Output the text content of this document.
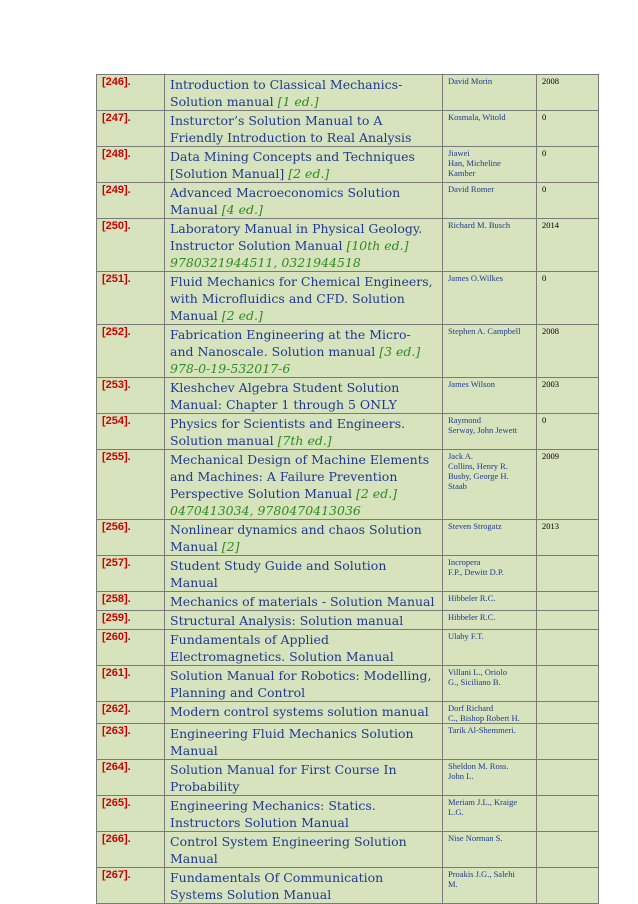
[246].	Introduction to Classical Mechanics-Solution manual [1 ed.]	David Morin	2008
[247].	Insturctor’s Solution Manual to A Friendly Introduction to Real Analysis	Kosmala, Witold	0
[248].	Data Mining Concepts and Techniques [Solution Manual] [2 ed.]	Jiawei
Han, Micheline
Kamber	0
[249].	Advanced Macroeconomics Solution Manual [4 ed.]	David Romer	0
[250].	Laboratory Manual in Physical Geology. Instructor Solution Manual [10th ed.]
9780321944511, 0321944518	Richard M. Busch	2014
[251].	Fluid Mechanics for Chemical Engineers, with Microfluidics and CFD. Solution Manual [2 ed.]	James O.Wilkes	0
[252].	Fabrication Engineering at the Micro- and Nanoscale. Solution manual [3 ed.]
978-0-19-532017-6	Stephen A. Campbell	2008
[253].	Kleshchev Algebra Student Solution Manual: Chapter 1 through 5 ONLY	James Wilson	2003
[254].	Physics for Scientists and Engineers. Solution manual [7th ed.]	Raymond
Serway, John Jewett	0
[255].	Mechanical Design of Machine Elements and Machines: A Failure Prevention Perspective Solution Manual [2 ed.]
0470413034, 9780470413036	Jack A.
Collins, Henry R.
Busby, George H.
Staab	2009
[256].	Nonlinear dynamics and chaos Solution Manual [2]	Steven Strogatz	2013
[257].	Student Study Guide and Solution Manual	Incropera
F.P., Dewitt D.P.	

[258].	Mechanics of materials - Solution Manual	Hibbeler R.C.	

[259].	Structural Analysis: Solution manual	Hibbeler R.C.	

[260].	Fundamentals of Applied Electromagnetics. Solution Manual	Ulaby F.T.	

[261].	Solution Manual for Robotics: Modelling, Planning and Control	Villani L., Oriolo
G., Siciliano B.	

[262].	Modern control systems solution manual	Dorf Richard
C., Bishop Robert H.	

[263].	Engineering Fluid Mechanics Solution Manual	Tarik Al-Shemmeri.	

[264].	Solution Manual for First Course In Probability	Sheldon M. Ross.
John L.	

[265].	Engineering Mechanics: Statics. Instructors Solution Manual	Meriam J.L., Kraige
L.G.	

[266].	Control System Engineering Solution Manual	Nise Norman S.	

[267].	Fundamentals Of Communication Systems Solution Manual	Proakis J.G., Salehi
M.	
